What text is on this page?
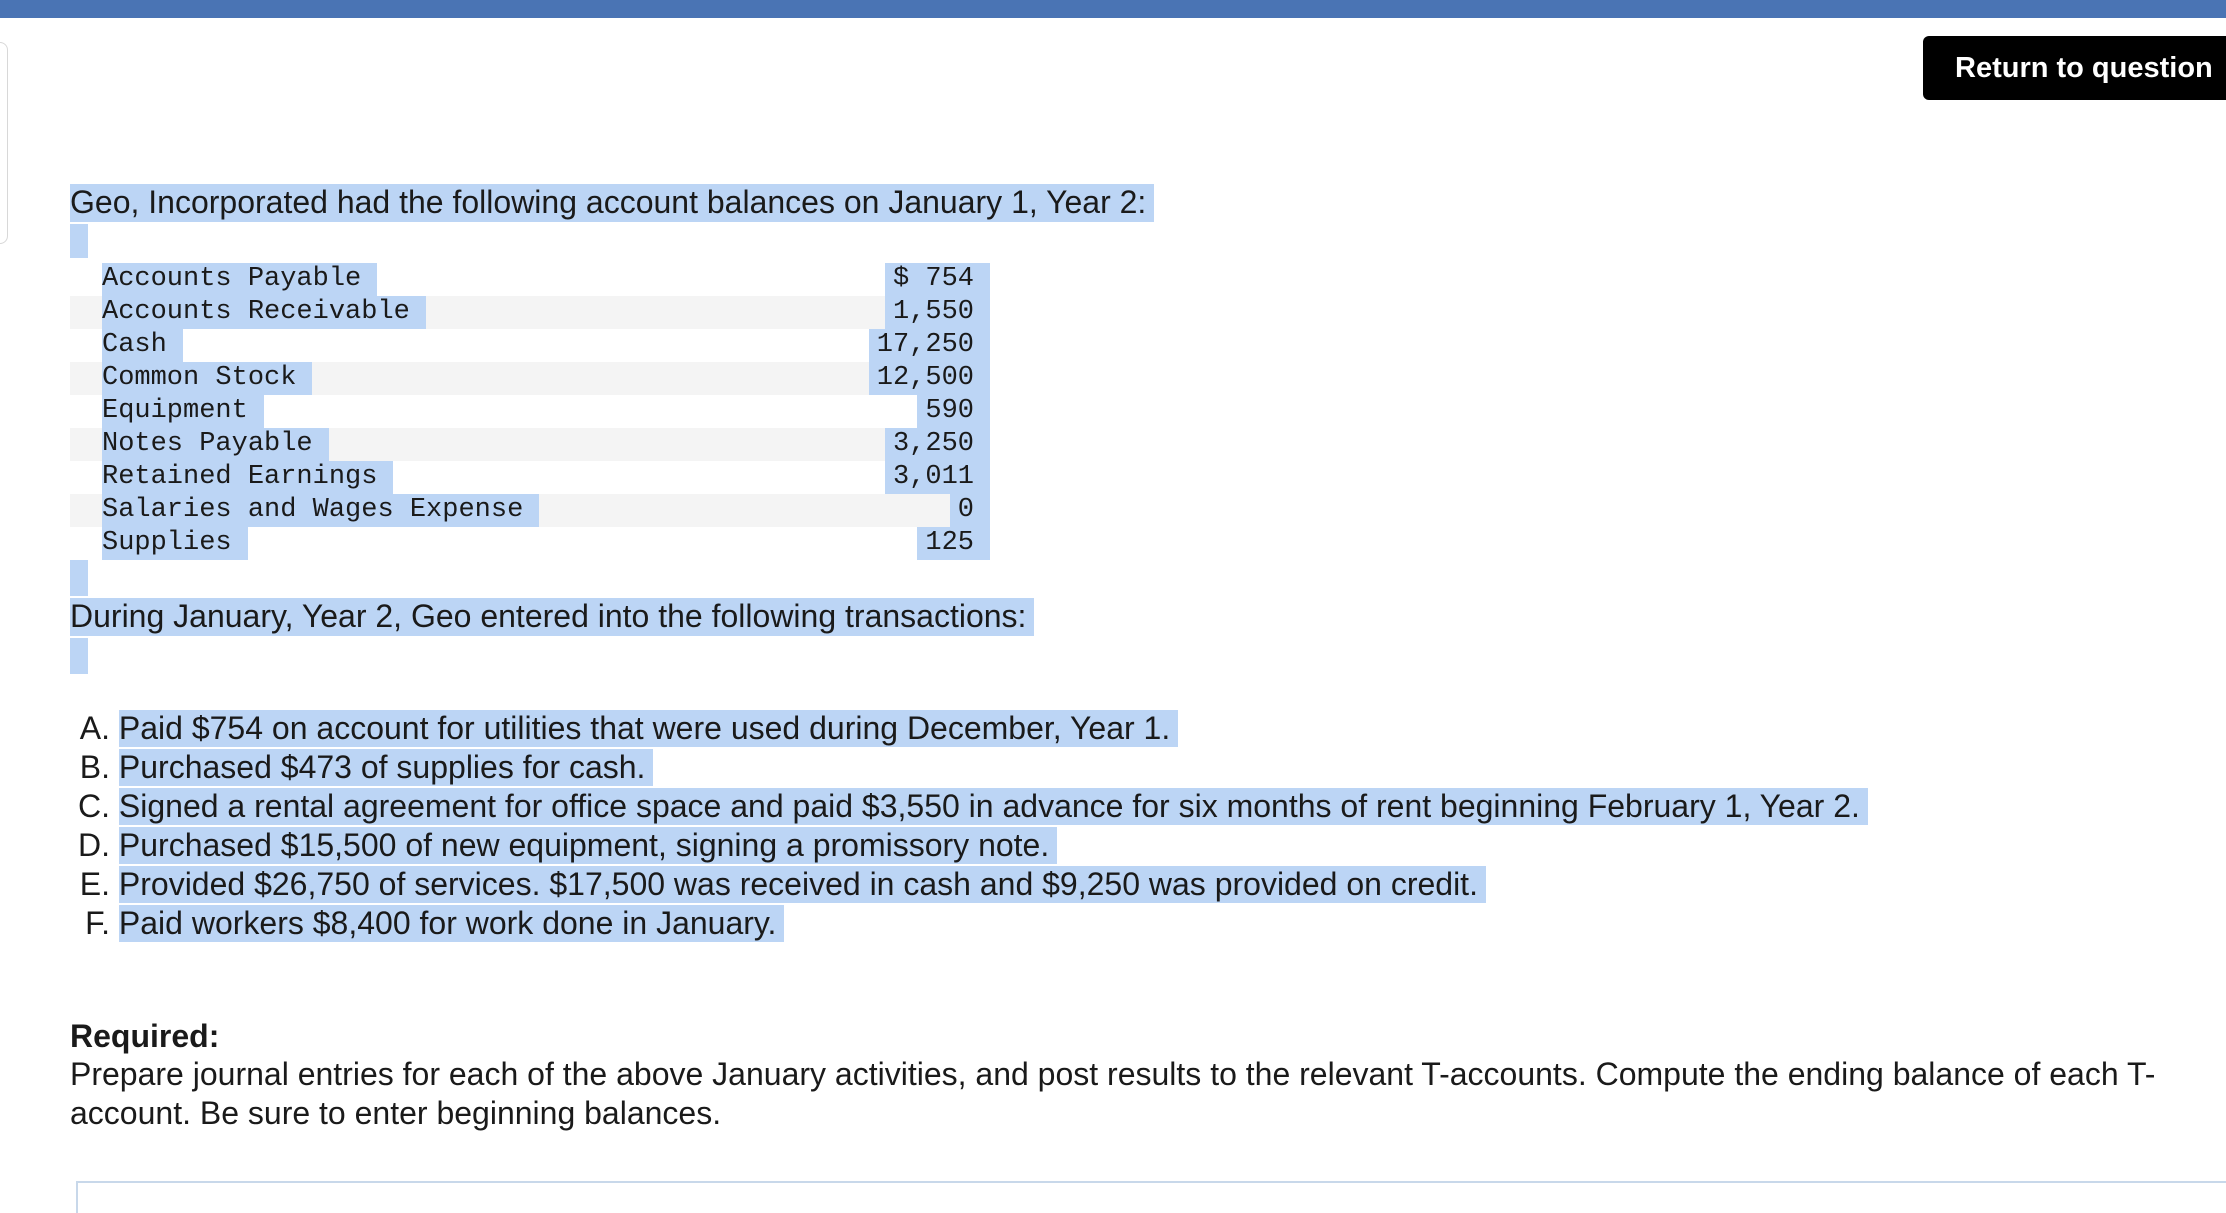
Return to question
Geo, Incorporated had the following account balances on January 1, Year 2:
Accounts Payable	$ 754
Accounts Receivable	1,550
Cash	17,250
Common Stock	12,500
Equipment	590
Notes Payable	3,250
Retained Earnings	3,011
Salaries and Wages Expense	0
Supplies	125
During January, Year 2, Geo entered into the following transactions:
A. Paid $754 on account for utilities that were used during December, Year 1.
B. Purchased $473 of supplies for cash.
C. Signed a rental agreement for office space and paid $3,550 in advance for six months of rent beginning February 1, Year 2.
D. Purchased $15,500 of new equipment, signing a promissory note.
E. Provided $26,750 of services. $17,500 was received in cash and $9,250 was provided on credit.
F. Paid workers $8,400 for work done in January.
Required:
Prepare journal entries for each of the above January activities, and post results to the relevant T-accounts. Compute the ending balance of each T-account. Be sure to enter beginning balances.
